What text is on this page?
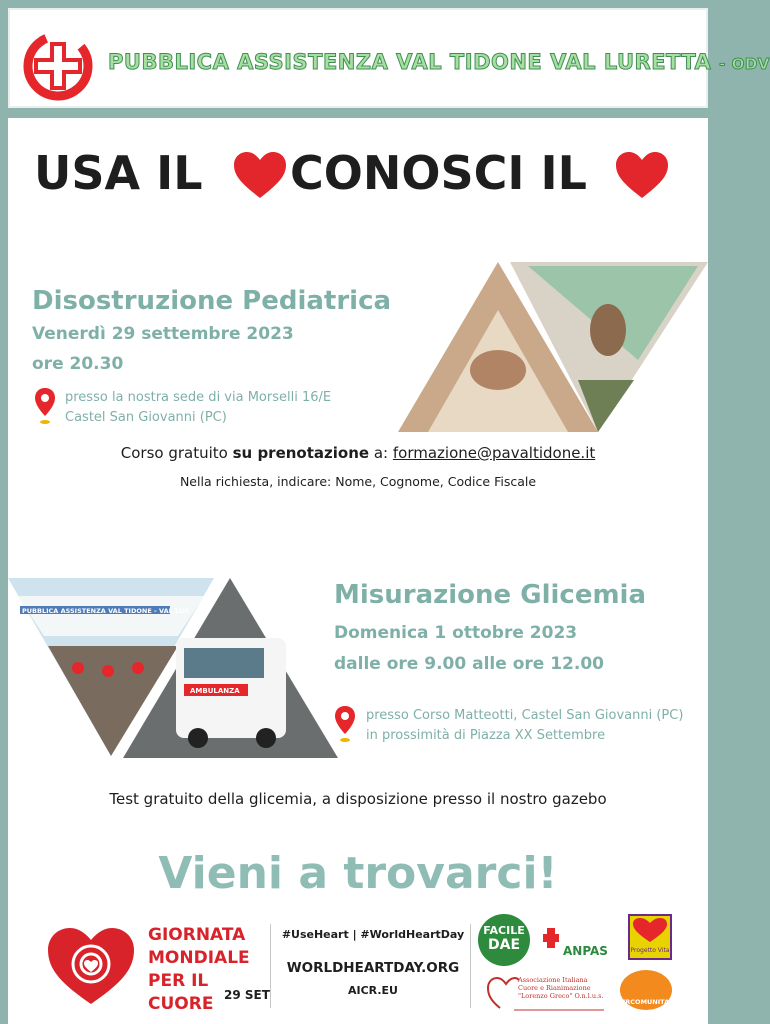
PUBBLICA ASSISTENZA VAL TIDONE VAL LURETTA - ODV
USA IL CONOSCI IL
Disostruzione Pediatrica
Venerdì 29 settembre 2023
ore 20.30
presso la nostra sede di via Morselli 16/E
Castel San Giovanni (PC)
Corso gratuito su prenotazione a: formazione@pavaltidone.it
Nella richiesta, indicare: Nome, Cognome, Codice Fiscale
PUBBLICA ASSISTENZA VAL TIDONE - VAL LUR
AMBULANZA
Misurazione Glicemia
Domenica 1 ottobre 2023
dalle ore 9.00 alle ore 12.00
presso Corso Matteotti, Castel San Giovanni (PC)
in prossimità di Piazza XX Settembre
Test gratuito della glicemia, a disposizione presso il nostro gazebo
Vieni a trovarci!
GIORNATA
MONDIALE
PER IL
CUORE 29 SET
#UseHeart | #WorldHeartDay
WORLDHEARTDAY.ORG
AICR.EU
FACILE
DAE	ANPAS	Progetto Vita
Associazione Italiana
Cuore e Rianimazione
"Lorenzo Greco" O.n.l.u.s.
IRCOMUNITA
